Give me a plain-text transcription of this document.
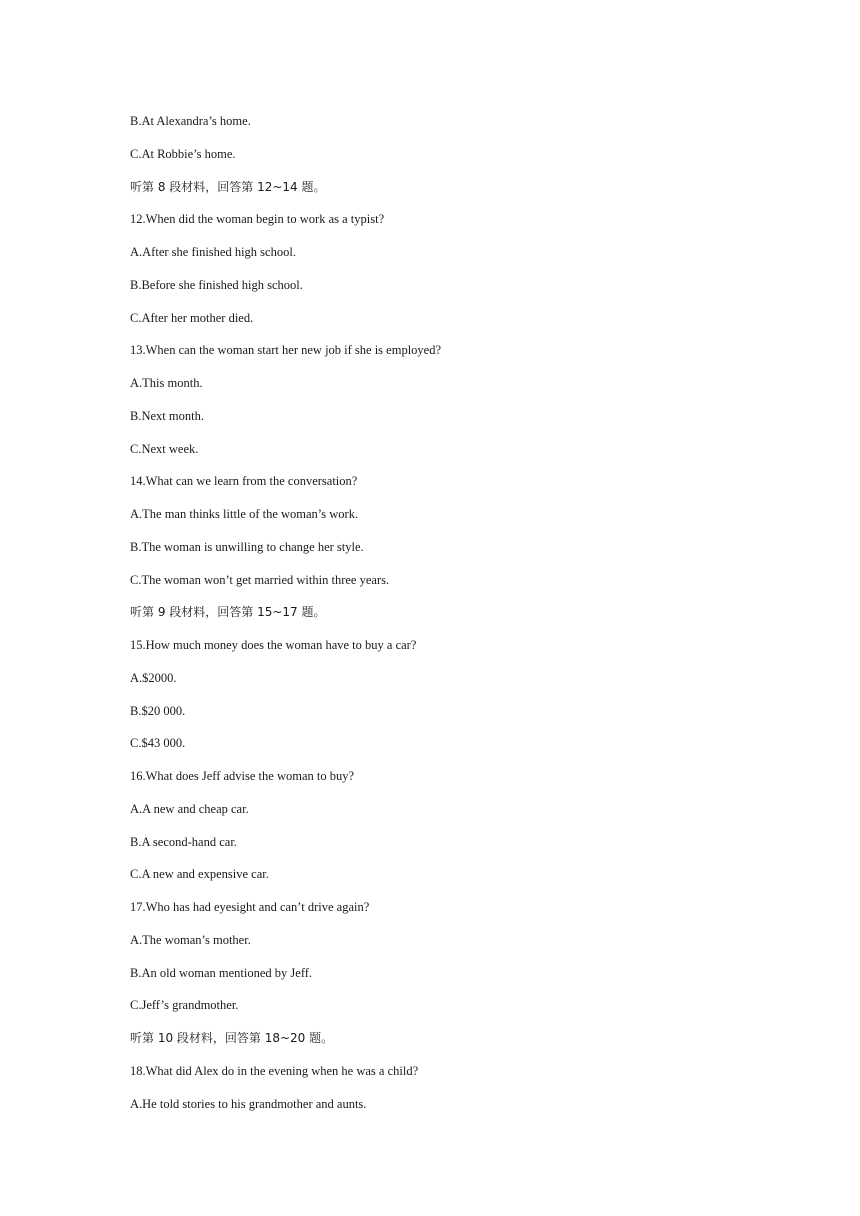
B.At Alexandra’s home.
C.At Robbie’s home.
听第 8 段材料，回答第 12~14 题。
12.When did the woman begin to work as a typist?
A.After she finished high school.
B.Before she finished high school.
C.After her mother died.
13.When can the woman start her new job if she is employed?
A.This month.
B.Next month.
C.Next week.
14.What can we learn from the conversation?
A.The man thinks little of the woman’s work.
B.The woman is unwilling to change her style.
C.The woman won’t get married within three years.
听第 9 段材料，回答第 15~17 题。
15.How much money does the woman have to buy a car?
A.$2000.
B.$20 000.
C.$43 000.
16.What does Jeff advise the woman to buy?
A.A new and cheap car.
B.A second-hand car.
C.A new and expensive car.
17.Who has had eyesight and can’t drive again?
A.The woman’s mother.
B.An old woman mentioned by Jeff.
C.Jeff’s grandmother.
听第 10 段材料，回答第 18~20 题。
18.What did Alex do in the evening when he was a child?
A.He told stories to his grandmother and aunts.
